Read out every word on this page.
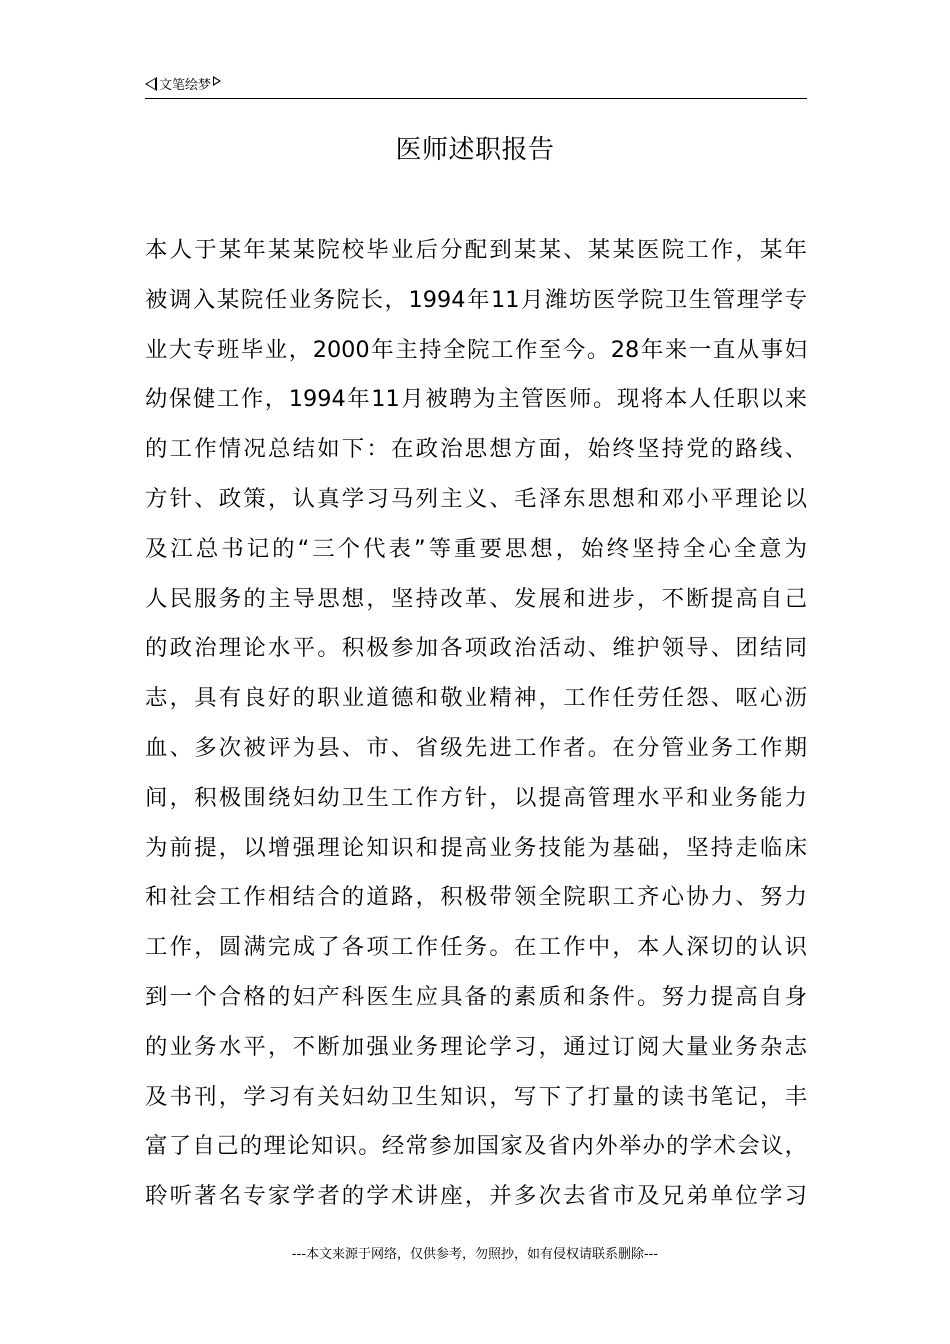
文笔绘梦
医师述职报告
本人于某年某某院校毕业后分配到某某、某某医院工作，某年
被调入某院任业务院长，1994年11月潍坊医学院卫生管理学专
业大专班毕业，2000年主持全院工作至今。28年来一直从事妇
幼保健工作，1994年11月被聘为主管医师。现将本人任职以来
的工作情况总结如下：在政治思想方面，始终坚持党的路线、
方针、政策，认真学习马列主义、毛泽东思想和邓小平理论以
及江总书记的“三个代表”等重要思想，始终坚持全心全意为
人民服务的主导思想，坚持改革、发展和进步，不断提高自己
的政治理论水平。积极参加各项政治活动、维护领导、团结同
志，具有良好的职业道德和敬业精神，工作任劳任怨、呕心沥
血、多次被评为县、市、省级先进工作者。在分管业务工作期
间，积极围绕妇幼卫生工作方针，以提高管理水平和业务能力
为前提，以增强理论知识和提高业务技能为基础，坚持走临床
和社会工作相结合的道路，积极带领全院职工齐心协力、努力
工作，圆满完成了各项工作任务。在工作中，本人深切的认识
到一个合格的妇产科医生应具备的素质和条件。努力提高自身
的业务水平，不断加强业务理论学习，通过订阅大量业务杂志
及书刊，学习有关妇幼卫生知识，写下了打量的读书笔记，丰
富了自己的理论知识。经常参加国家及省内外举办的学术会议，
聆听著名专家学者的学术讲座，并多次去省市及兄弟单位学习
---本文来源于网络，仅供参考，勿照抄，如有侵权请联系删除---
